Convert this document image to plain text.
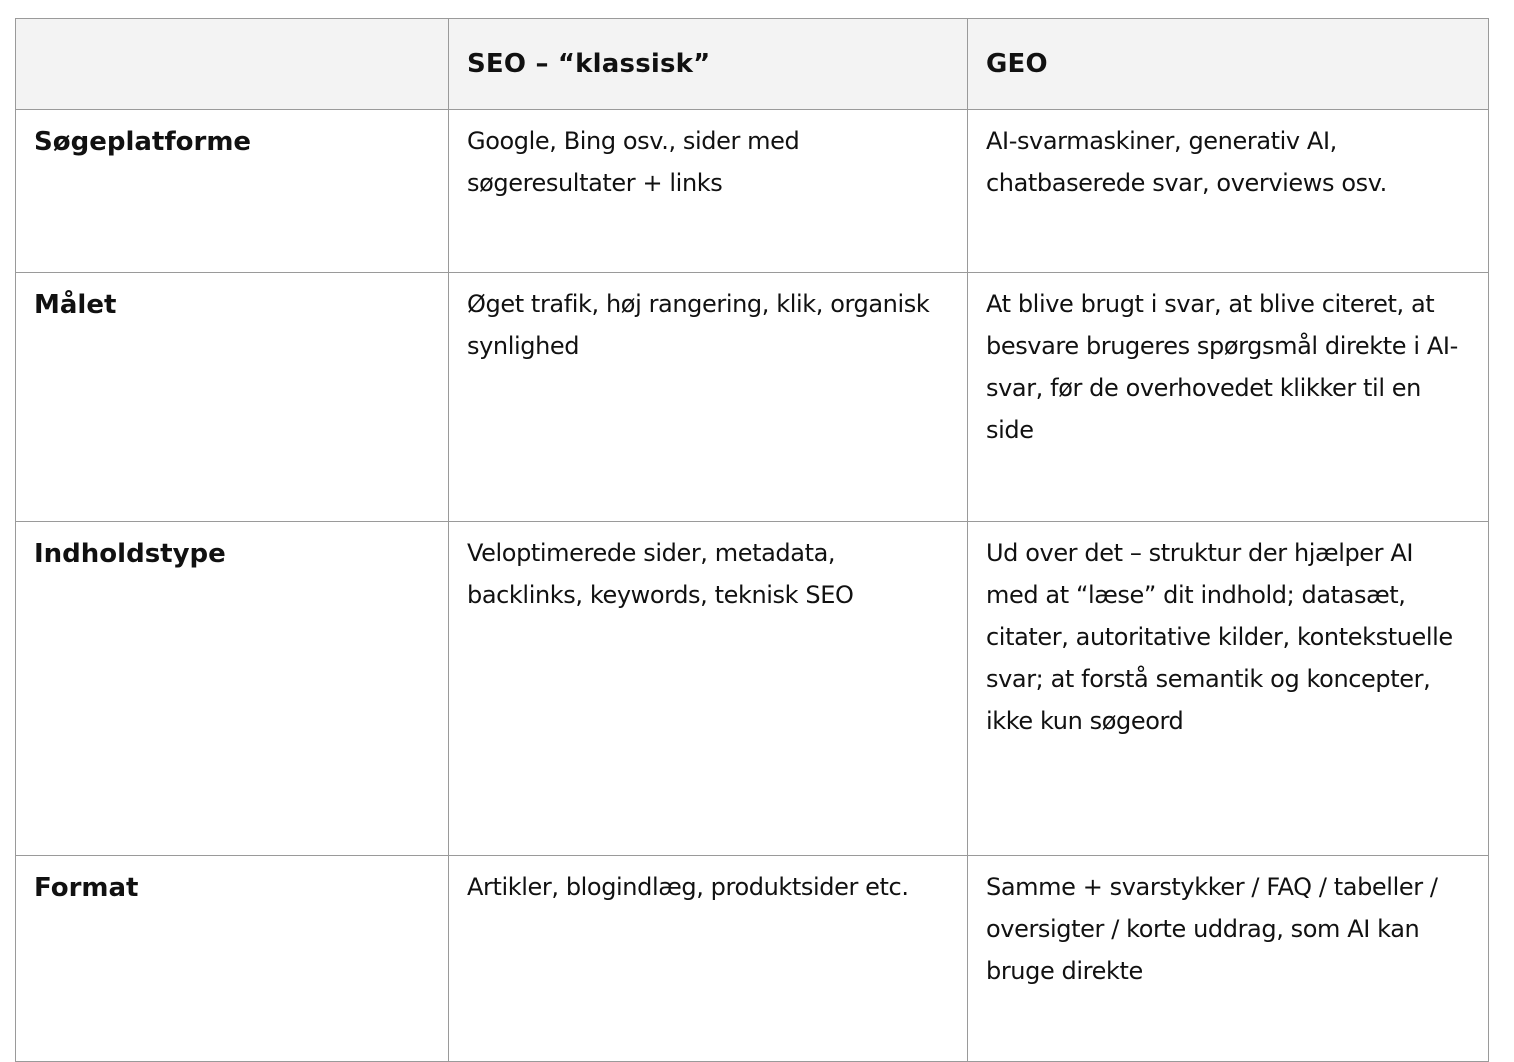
	SEO – “klassisk”	GEO
Søgeplatforme	Google, Bing osv., sider med søgeresultater + links	AI-svarmaskiner, generativ AI, chatbaserede svar, overviews osv.
Målet	Øget trafik, høj rangering, klik, organisk synlighed	At blive brugt i svar, at blive citeret, at besvare brugeres spørgsmål direkte i AI-svar, før de overhovedet klikker til en side
Indholdstype	Veloptimerede sider, metadata, backlinks, keywords, teknisk SEO	Ud over det – struktur der hjælper AI med at “læse” dit indhold; datasæt, citater, autoritative kilder, kontekstuelle svar; at forstå semantik og koncepter, ikke kun søgeord
Format	Artikler, blogindlæg, produktsider etc.	Samme + svarstykker / FAQ / tabeller / oversigter / korte uddrag, som AI kan bruge direkte
